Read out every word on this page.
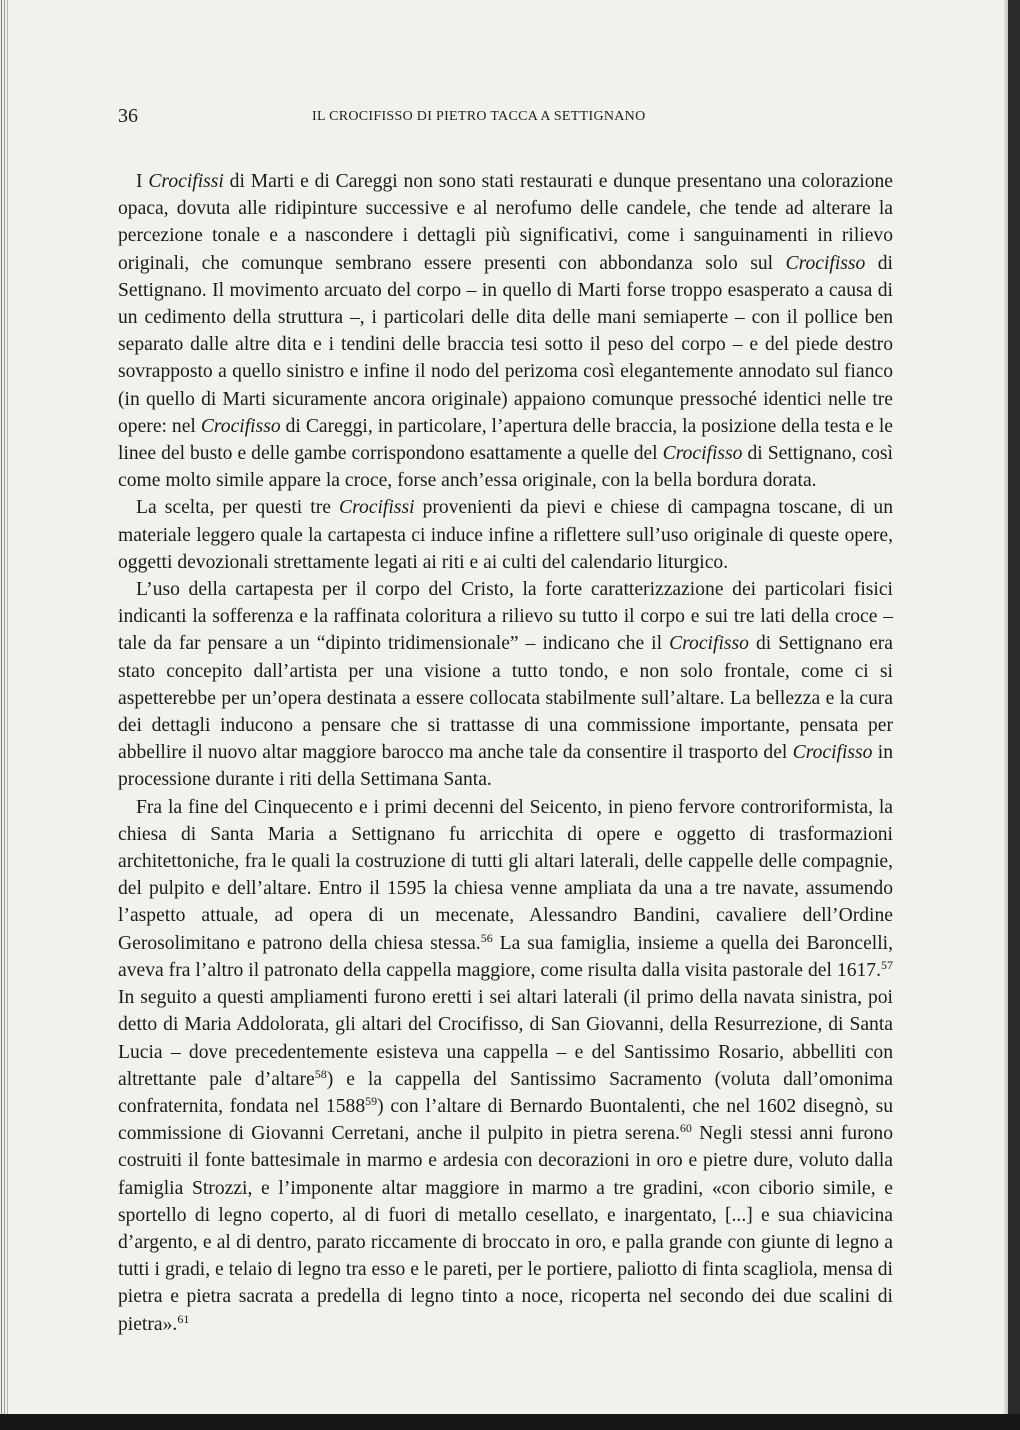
36	IL CROCIFISSO DI PIETRO TACCA A SETTIGNANO

I Crocifissi di Marti e di Careggi non sono stati restaurati e dunque presentano una colorazione opaca, dovuta alle ridipinture successive e al nerofumo delle candele, che tende ad alterare la percezione tonale e a nascondere i dettagli più significativi, come i sanguinamenti in rilievo originali, che comunque sembrano essere presenti con abbondanza solo sul Crocifisso di Settignano. Il movimento arcuato del corpo – in quello di Marti forse troppo esasperato a causa di un cedimento della struttura –, i particolari delle dita delle mani semiaperte – con il pollice ben separato dalle altre dita e i tendini delle braccia tesi sotto il peso del corpo – e del piede destro sovrapposto a quello sinistro e infine il nodo del perizoma così elegantemente annodato sul fianco (in quello di Marti sicuramente ancora originale) appaiono comunque pressoché identici nelle tre opere: nel Crocifisso di Careggi, in particolare, l’apertura delle braccia, la posizione della testa e le linee del busto e delle gambe corrispondono esattamente a quelle del Crocifisso di Settignano, così come molto simile appare la croce, forse anch’essa originale, con la bella bordura dorata.

La scelta, per questi tre Crocifissi provenienti da pievi e chiese di campagna toscane, di un materiale leggero quale la cartapesta ci induce infine a riflettere sull’uso originale di queste opere, oggetti devozionali strettamente legati ai riti e ai culti del calendario liturgico.

L’uso della cartapesta per il corpo del Cristo, la forte caratterizzazione dei particolari fisici indicanti la sofferenza e la raffinata coloritura a rilievo su tutto il corpo e sui tre lati della croce – tale da far pensare a un “dipinto tridimensionale” – indicano che il Crocifisso di Settignano era stato concepito dall’artista per una visione a tutto tondo, e non solo frontale, come ci si aspetterebbe per un’opera destinata a essere collocata stabilmente sull’altare. La bellezza e la cura dei dettagli inducono a pensare che si trattasse di una commissione importante, pensata per abbellire il nuovo altar maggiore barocco ma anche tale da consentire il trasporto del Crocifisso in processione durante i riti della Settimana Santa.

Fra la fine del Cinquecento e i primi decenni del Seicento, in pieno fervore controriformista, la chiesa di Santa Maria a Settignano fu arricchita di opere e oggetto di trasformazioni architettoniche, fra le quali la costruzione di tutti gli altari laterali, delle cappelle delle compagnie, del pulpito e dell’altare. Entro il 1595 la chiesa venne ampliata da una a tre navate, assumendo l’aspetto attuale, ad opera di un mecenate, Alessandro Bandini, cavaliere dell’Ordine Gerosolimitano e patrono della chiesa stessa.$^{56}$ La sua famiglia, insieme a quella dei Baroncelli, aveva fra l’altro il patronato della cappella maggiore, come risulta dalla visita pastorale del 1617.57 In seguito a questi ampliamenti furono eretti i sei altari laterali (il primo della navata sinistra, poi detto di Maria Addolorata, gli altari del Crocifisso, di San Giovanni, della Resurrezione, di Santa Lucia – dove precedentemente esisteva una cappella – e del Santissimo Rosario, abbelliti con altrettante pale d’altare$^{58}$) e la cappella del Santissimo Sacramento (voluta dall’omonima confraternita, fondata nel 1588$^{59}$) con l’altare di Bernardo Buontalenti, che nel 1602 disegnò, su commissione di Giovanni Cerretani, anche il pulpito in pietra serena.$^{60}$ Negli stessi anni furono costruiti il fonte battesimale in marmo e ardesia con decorazioni in oro e pietre dure, voluto dalla famiglia Strozzi, e l’imponente altar maggiore in marmo a tre gradini, «con ciborio simile, e sportello di legno coperto, al di fuori di metallo cesellato, e inargentato, [...] e sua chiavicina d’argento, e al di dentro, parato riccamente di broccato in oro, e palla grande con giunte di legno a tutti i gradi, e telaio di legno tra esso e le pareti, per le portiere, paliotto di finta scagliola, mensa di pietra e pietra sacrata a predella di legno tinto a noce, ricoperta nel secondo dei due scalini di pietra».$^{61}$
